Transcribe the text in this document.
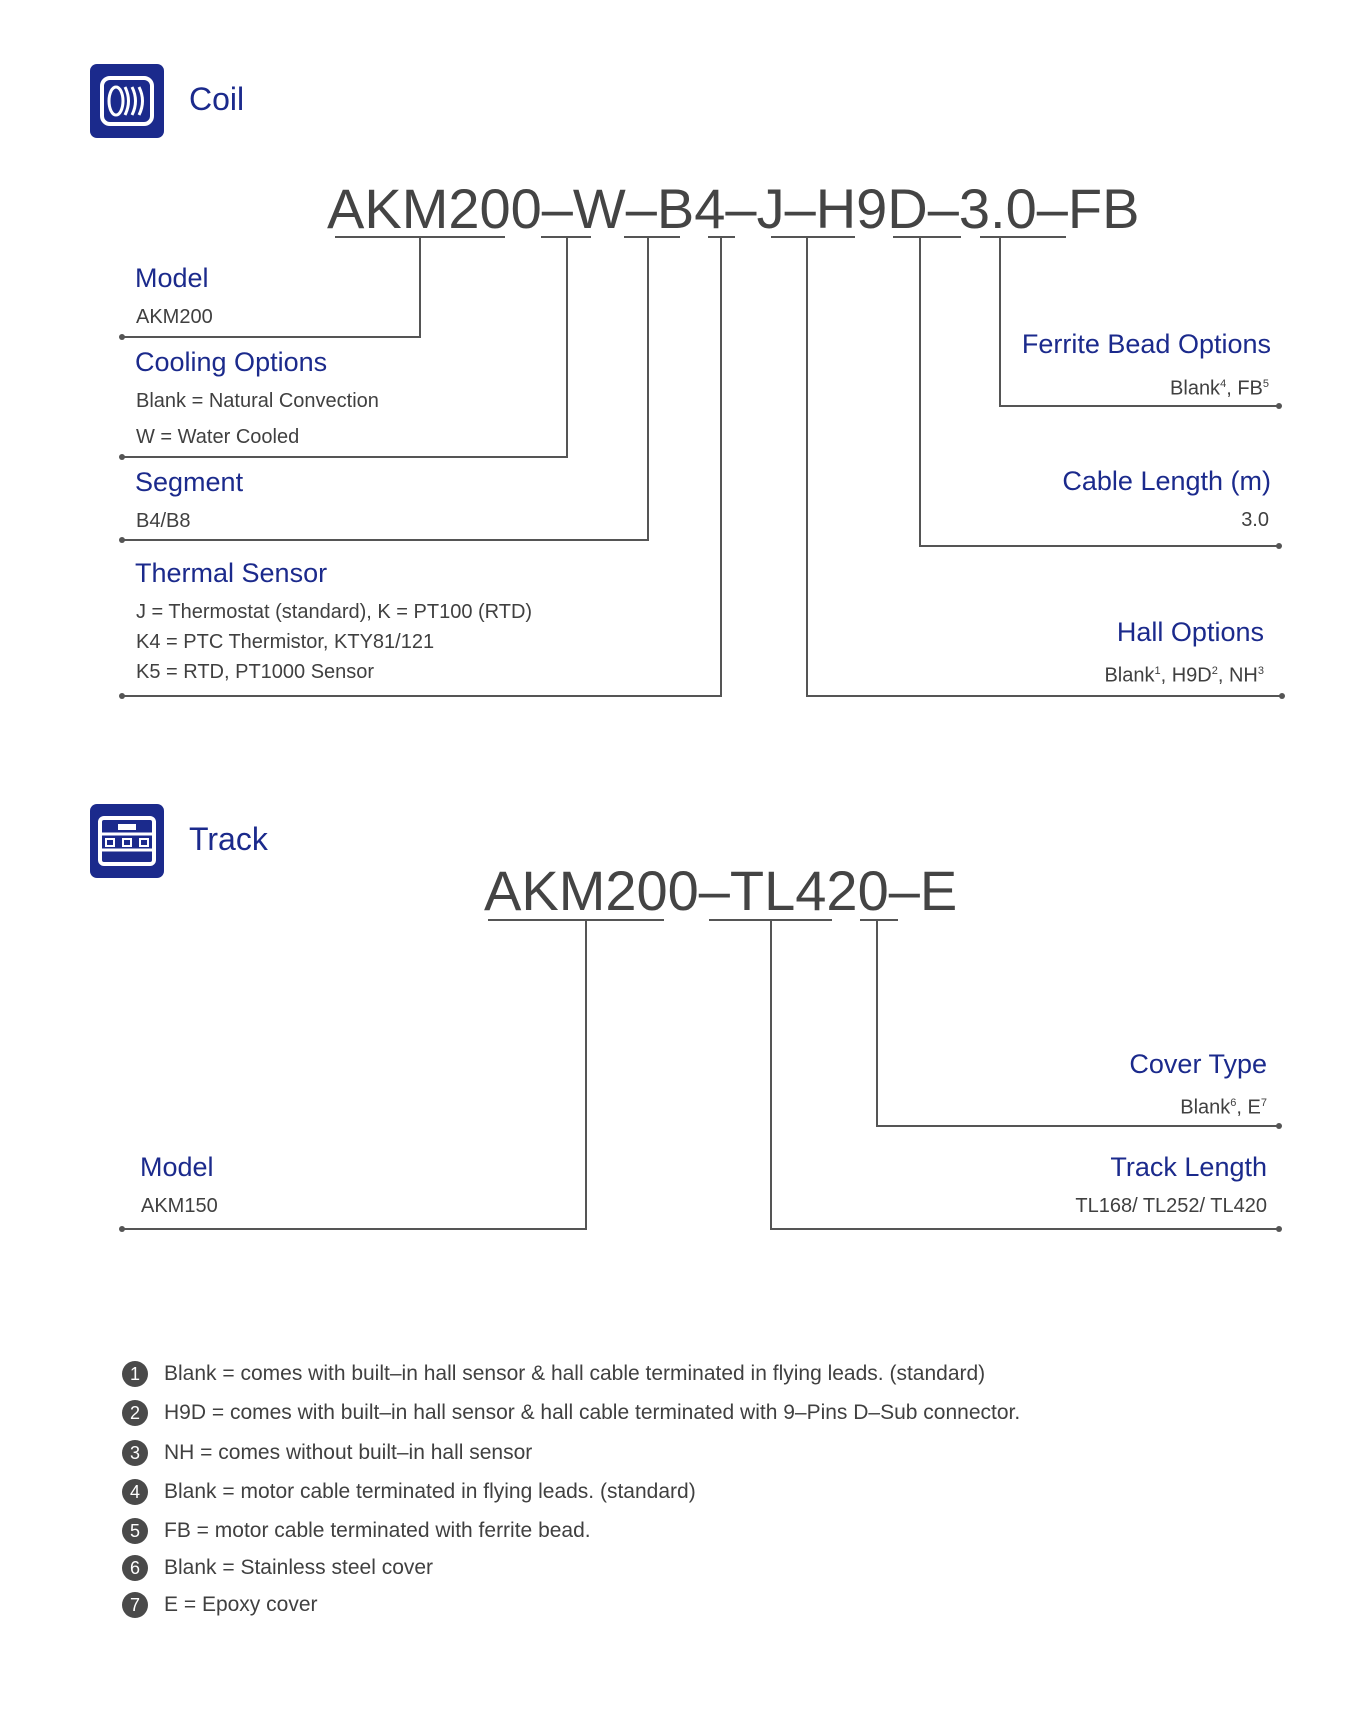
Coil
AKM200–W–B4–J–H9D–3.0–FB
Model
AKM200
Cooling Options
Blank = Natural Convection
W = Water Cooled
Segment
B4/B8
Thermal Sensor
J = Thermostat (standard), K = PT100 (RTD)
K4 = PTC Thermistor, KTY81/121
K5 = RTD, PT1000 Sensor
Ferrite Bead Options
Blank$^4$, $FB^5$
Cable Length (m)
3.0
Hall Options
Blank$^1$, $H9D^2$, $NH^3$
Track
AKM200–TL420–E
Cover Type
Blank$^6$, $E^7$
Model
AKM150
Track Length
TL168/ TL252/ TL420
1	Blank = comes with built–in hall sensor & hall cable terminated in flying leads. (standard)
2	H9D = comes with built–in hall sensor & hall cable terminated with 9–Pins D–Sub connector.
3	NH = comes without built–in hall sensor
4	Blank = motor cable terminated in flying leads. (standard)
5	FB = motor cable terminated with ferrite bead.
6	Blank = Stainless steel cover
7	E = Epoxy cover
